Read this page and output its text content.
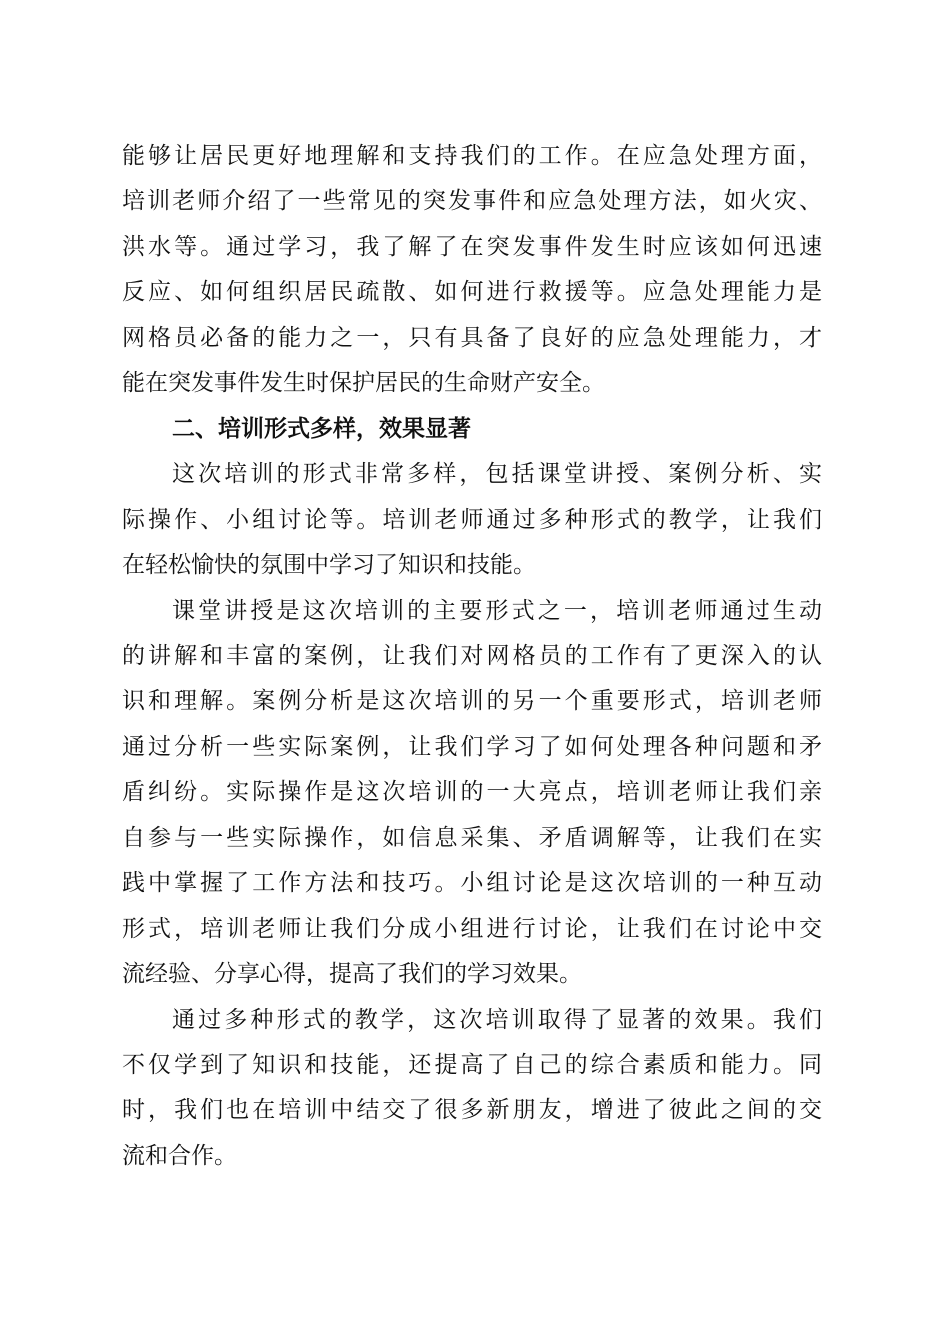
能够让居民更好地理解和支持我们的工作。在应急处理方面，
培训老师介绍了一些常见的突发事件和应急处理方法，如火灾、
洪水等。通过学习，我了解了在突发事件发生时应该如何迅速
反应、如何组织居民疏散、如何进行救援等。应急处理能力是
网格员必备的能力之一，只有具备了良好的应急处理能力，才
能在突发事件发生时保护居民的生命财产安全。
二、培训形式多样，效果显著
这次培训的形式非常多样，包括课堂讲授、案例分析、实
际操作、小组讨论等。培训老师通过多种形式的教学，让我们
在轻松愉快的氛围中学习了知识和技能。
课堂讲授是这次培训的主要形式之一，培训老师通过生动
的讲解和丰富的案例，让我们对网格员的工作有了更深入的认
识和理解。案例分析是这次培训的另一个重要形式，培训老师
通过分析一些实际案例，让我们学习了如何处理各种问题和矛
盾纠纷。实际操作是这次培训的一大亮点，培训老师让我们亲
自参与一些实际操作，如信息采集、矛盾调解等，让我们在实
践中掌握了工作方法和技巧。小组讨论是这次培训的一种互动
形式，培训老师让我们分成小组进行讨论，让我们在讨论中交
流经验、分享心得，提高了我们的学习效果。
通过多种形式的教学，这次培训取得了显著的效果。我们
不仅学到了知识和技能，还提高了自己的综合素质和能力。同
时，我们也在培训中结交了很多新朋友，增进了彼此之间的交
流和合作。
